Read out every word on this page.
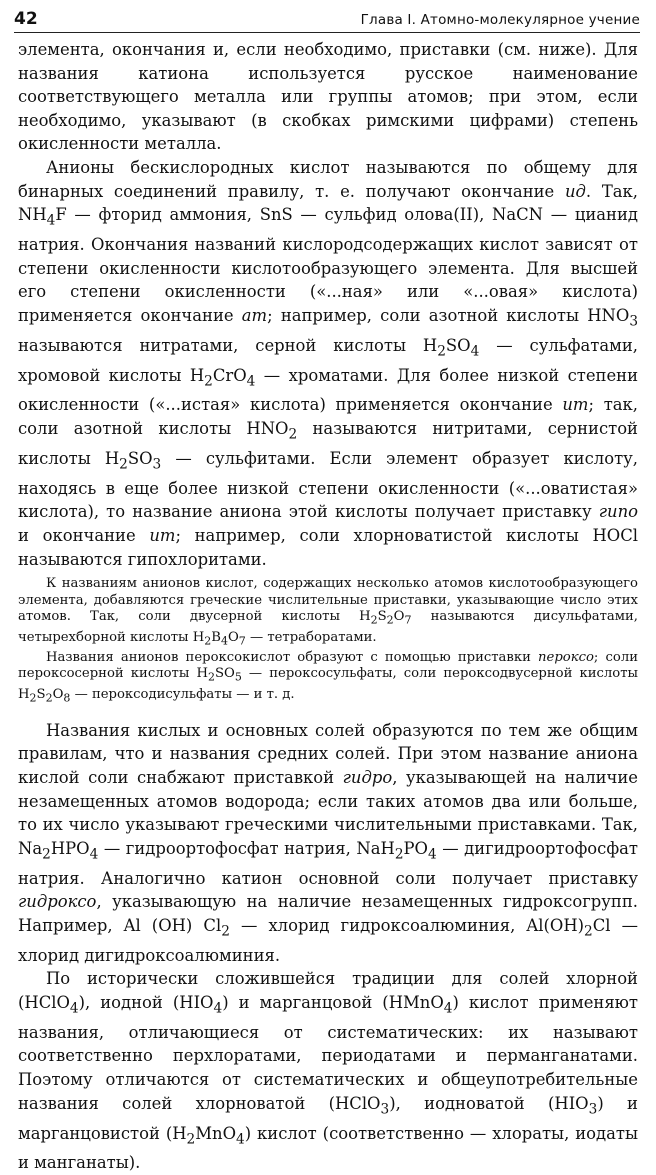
42	Глава I. Атомно-молекулярное учение

элемента, окончания и, если необходимо, приставки (см. ниже). Для названия катиона используется русское наименование соответствующего металла или группы атомов; при этом, если необходимо, указывают (в скобках римскими цифрами) степень окисленности металла.

Анионы бескислородных кислот называются по общему для бинарных соединений правилу, т. е. получают окончание ид. Так, $NH_4F$ — фторид аммония, SnS — сульфид олова(II), NaCN — цианид натрия. Окончания названий кислородсодержащих кислот зависят от степени окисленности кислотообразующего элемента. Для высшей его степени окисленности («...ная» или «...овая» кислота) применяется окончание ат; например, соли азотной кислоты $HNO_3$ называются нитратами, серной кислоты $H_2SO_4$ — сульфатами, хромовой кислоты $H_2CrO_4$ — хроматами. Для более низкой степени окисленности («...истая» кислота) применяется окончание ит; так, соли азотной кислоты $HNO_2$ называются нитритами, сернистой кислоты $H_2SO_3$ — сульфитами. Если элемент образует кислоту, находясь в еще более низкой степени окисленности («...оватистая» кислота), то название аниона этой кислоты получает приставку гипо и окончание ит; например, соли хлорноватистой кислоты HOCl называются гипохлоритами.

К названиям анионов кислот, содержащих несколько атомов кислотообразующего элемента, добавляются греческие числительные приставки, указывающие число этих атомов. Так, соли двусерной кислоты $H_2S_2O_7$ называются дисульфатами, четырехборной кислоты $H_2B_4O_7$ — тетраборатами.

Названия анионов пероксокислот образуют с помощью приставки пероксо; соли пероксосерной кислоты $H_2SO_5$ — пероксосульфаты, соли пероксодвусерной кислоты $H_2S_2O_8$ — пероксодисульфаты — и т. д.

Названия кислых и основных солей образуются по тем же общим правилам, что и названия средних солей. При этом название аниона кислой соли снабжают приставкой гидро, указывающей на наличие незамещенных атомов водорода; если таких атомов два или больше, то их число указывают греческими числительными приставками. Так, $Na_2HPO_4$ — гидроортофосфат натрия, $NaH_2PO_4$ — дигидроортофосфат натрия. Аналогично катион основной соли получает приставку гидроксо, указывающую на наличие незамещенных гидроксогрупп. Например, Al (OH) $Cl_2$ — хлорид гидроксоалюминия, $Al(OH)_2Cl$ — хлорид дигидроксоалюминия.

По исторически сложившейся традиции для солей хлорной (HClO$_4$), иодной $(HIO_4)$ и марганцовой (HMnO$_4$) кислот применяют названия, отличающиеся от систематических: их называют соответственно перхлоратами, периодатами и перманганатами. Поэтому отличаются от систематических и общеупотребительные названия солей хлорноватой (HClO$_3$), иодноватой $(HIO_3)$ и марганцовистой $(H_2MnO_4)$ кислот (соответственно — хлораты, иодаты и манганаты).
